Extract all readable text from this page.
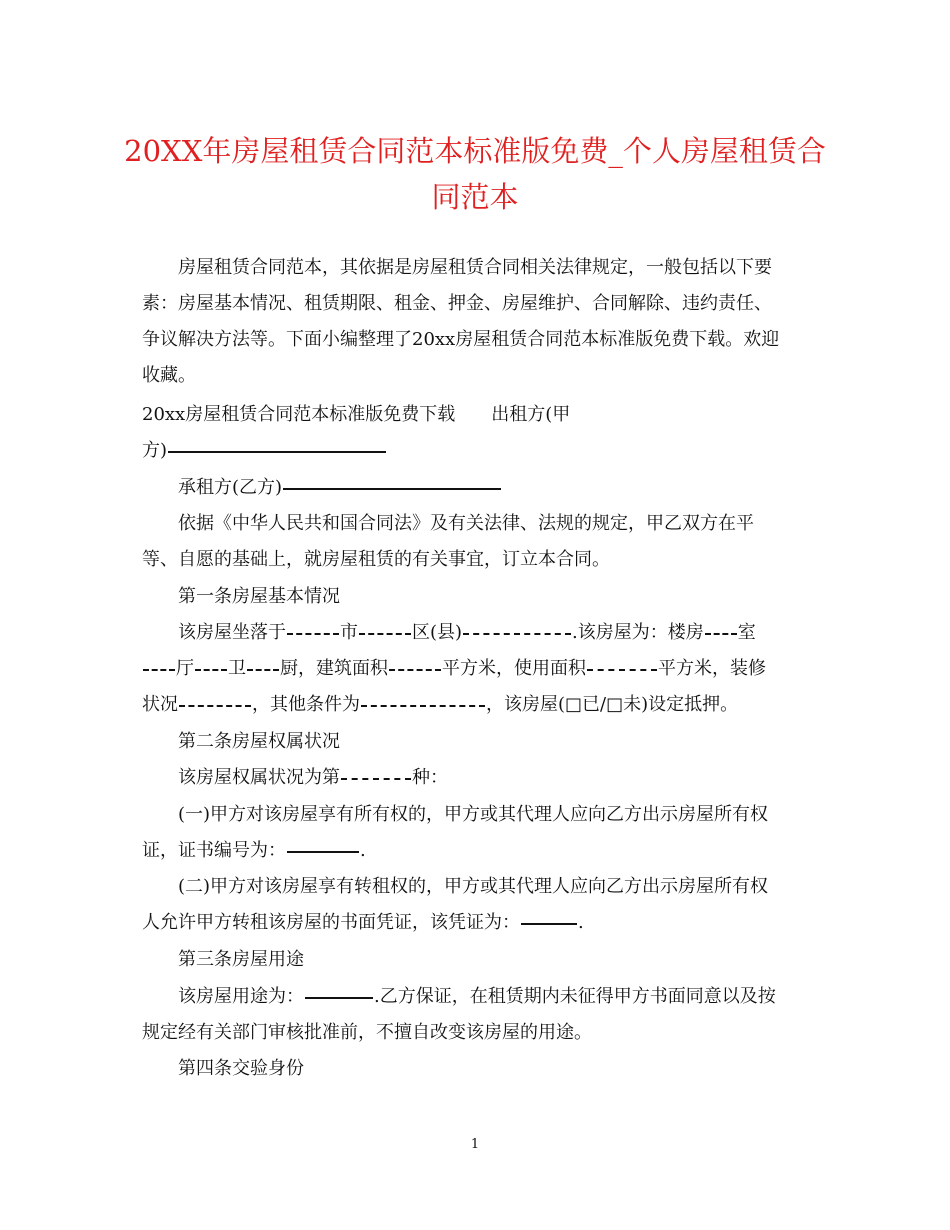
20XX年房屋租赁合同范本标准版免费_个人房屋租赁合同范本

房屋租赁合同范本，其依据是房屋租赁合同相关法律规定，一般包括以下要

素：房屋基本情况、租赁期限、租金、押金、房屋维护、合同解除、违约责任、

争议解决方法等。下面小编整理了20xx房屋租赁合同范本标准版免费下载。欢迎

收藏。

20xx房屋租赁合同范本标准版免费下载　　出租方(甲

方)

承租方(乙方)

依据《中华人民共和国合同法》及有关法律、法规的规定，甲乙双方在平

等、自愿的基础上，就房屋租赁的有关事宜，订立本合同。

第一条房屋基本情况

该房屋坐落于	市	区(县)	.该房屋为：楼房 室

厅 卫 厨，建筑面积	平方米，使用面积	平方米，装修

状况	，其他条件为	，该房屋(□已/□未)设定抵押。

第二条房屋权属状况

该房屋权属状况为第	种：

(一)甲方对该房屋享有所有权的，甲方或其代理人应向乙方出示房屋所有权

证，证书编号为：	.

(二)甲方对该房屋享有转租权的，甲方或其代理人应向乙方出示房屋所有权

人允许甲方转租该房屋的书面凭证，该凭证为：	.

第三条房屋用途

该房屋用途为：	.乙方保证，在租赁期内未征得甲方书面同意以及按

规定经有关部门审核批准前，不擅自改变该房屋的用途。

第四条交验身份

1
